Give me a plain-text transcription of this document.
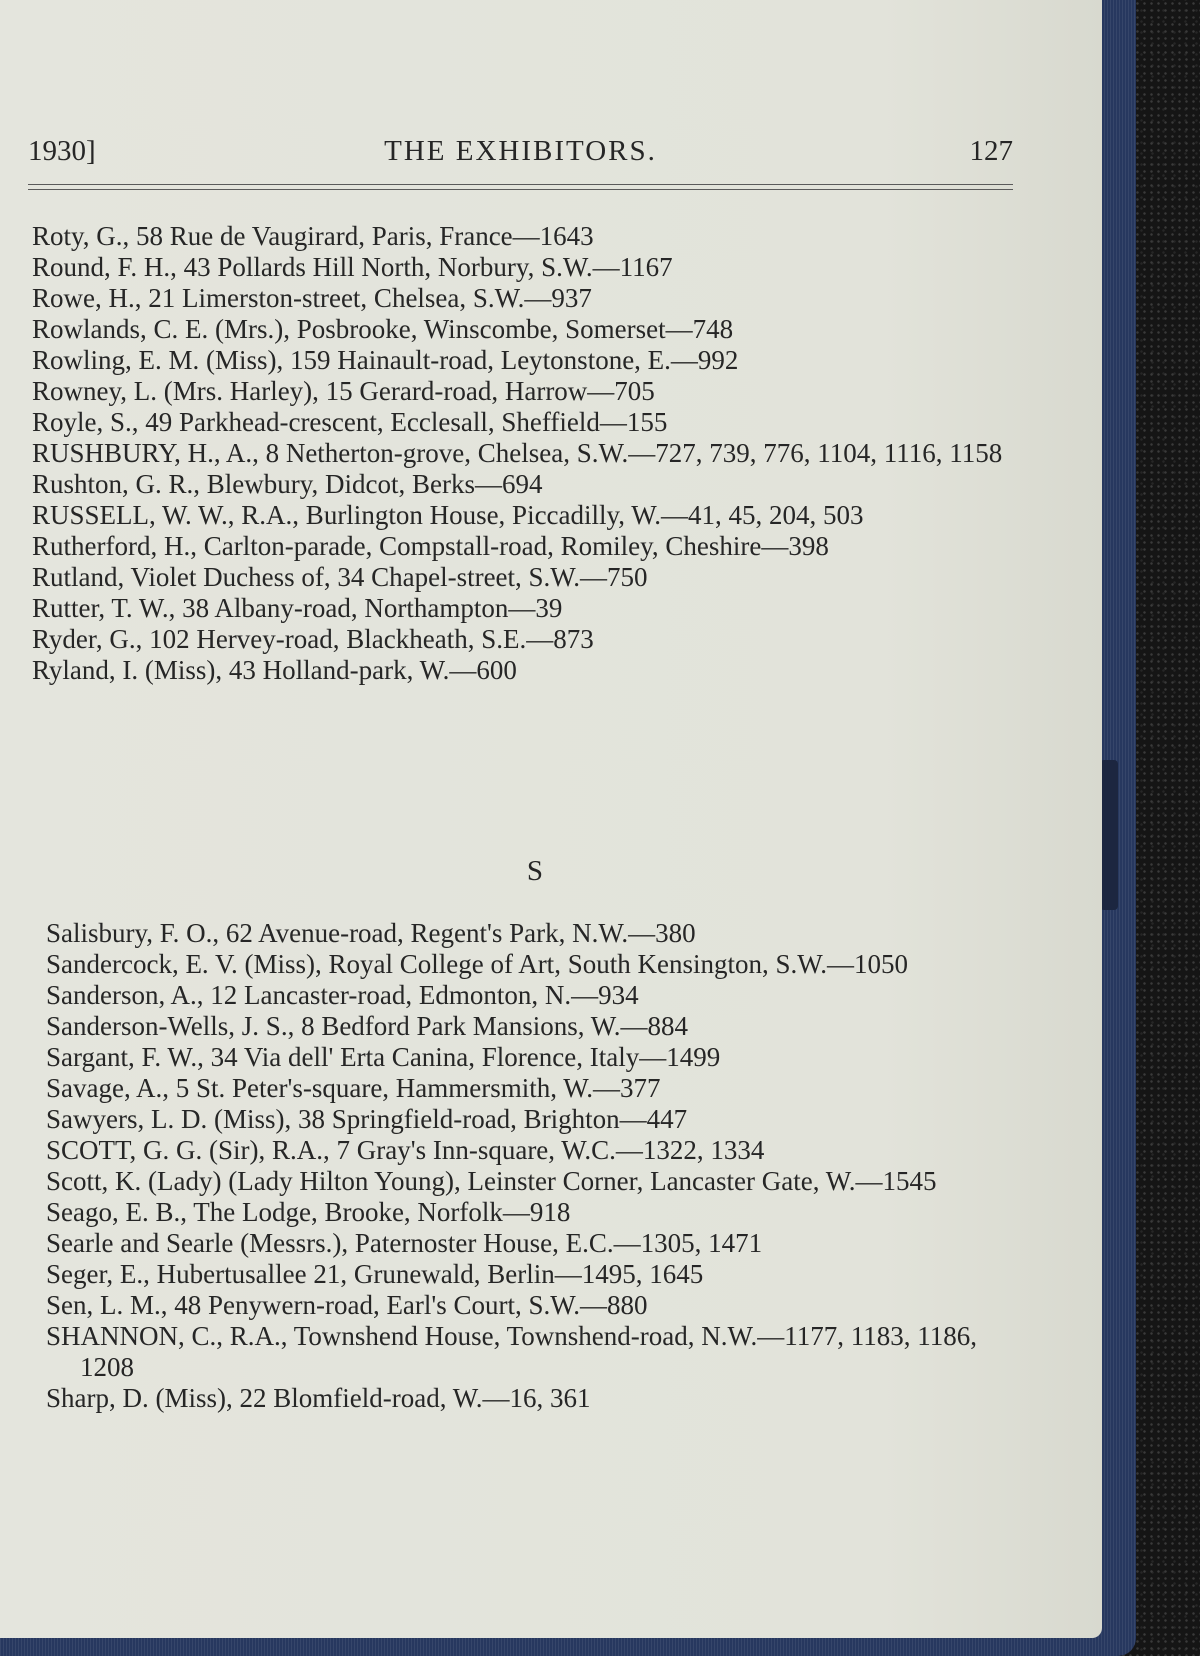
1930]	THE EXHIBITORS.	127

Roty, G., 58 Rue de Vaugirard, Paris, France—1643

Round, F. H., 43 Pollards Hill North, Norbury, S.W.—1167

Rowe, H., 21 Limerston-street, Chelsea, S.W.—937

Rowlands, C. E. (Mrs.), Posbrooke, Winscombe, Somerset—748

Rowling, E. M. (Miss), 159 Hainault-road, Leytonstone, E.—992

Rowney, L. (Mrs. Harley), 15 Gerard-road, Harrow—705

Royle, S., 49 Parkhead-crescent, Ecclesall, Sheffield—155

RUSHBURY, H., A., 8 Netherton-grove, Chelsea, S.W.—727, 739, 776, 1104, 1116, 1158

Rushton, G. R., Blewbury, Didcot, Berks—694

RUSSELL, W. W., R.A., Burlington House, Piccadilly, W.—41, 45, 204, 503

Rutherford, H., Carlton-parade, Compstall-road, Romiley, Cheshire—398

Rutland, Violet Duchess of, 34 Chapel-street, S.W.—750

Rutter, T. W., 38 Albany-road, Northampton—39

Ryder, G., 102 Hervey-road, Blackheath, S.E.—873

Ryland, I. (Miss), 43 Holland-park, W.—600

S

Salisbury, F. O., 62 Avenue-road, Regent's Park, N.W.—380

Sandercock, E. V. (Miss), Royal College of Art, South Kensington, S.W.—1050

Sanderson, A., 12 Lancaster-road, Edmonton, N.—934

Sanderson-Wells, J. S., 8 Bedford Park Mansions, W.—884

Sargant, F. W., 34 Via dell' Erta Canina, Florence, Italy—1499

Savage, A., 5 St. Peter's-square, Hammersmith, W.—377

Sawyers, L. D. (Miss), 38 Springfield-road, Brighton—447

SCOTT, G. G. (Sir), R.A., 7 Gray's Inn-square, W.C.—1322, 1334

Scott, K. (Lady) (Lady Hilton Young), Leinster Corner, Lancaster Gate, W.—1545

Seago, E. B., The Lodge, Brooke, Norfolk—918

Searle and Searle (Messrs.), Paternoster House, E.C.—1305, 1471

Seger, E., Hubertusallee 21, Grunewald, Berlin—1495, 1645

Sen, L. M., 48 Penywern-road, Earl's Court, S.W.—880

SHANNON, C., R.A., Townshend House, Townshend-road, N.W.—1177, 1183, 1186, 1208

Sharp, D. (Miss), 22 Blomfield-road, W.—16, 361
